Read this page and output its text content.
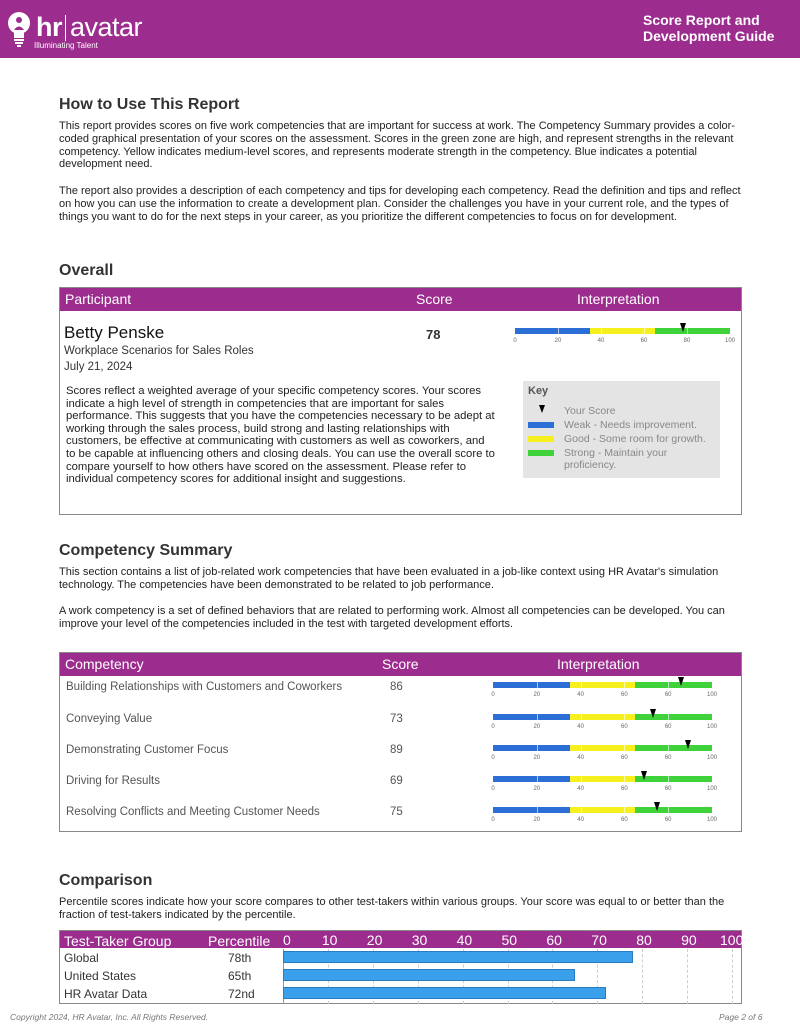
hr avatar
Illuminating Talent
Score Report and
Development Guide
How to Use This Report
This report provides scores on five work competencies that are important for success at work. The Competency Summary provides a color-coded graphical presentation of your scores on the assessment. Scores in the green zone are high, and represent strengths in the relevant competency. Yellow indicates medium-level scores, and represents moderate strength in the competency. Blue indicates a potential development need.
The report also provides a description of each competency and tips for developing each competency. Read the definition and tips and reflect on how you can use the information to create a development plan. Consider the challenges you have in your current role, and the types of things you want to do for the next steps in your career, as you prioritize the different competencies to focus on for development.
Overall
Participant	Score	Interpretation
Betty Penske
Workplace Scenarios for Sales Roles
July 21, 2024
78	0	20	40	60	80	100
Scores reflect a weighted average of your specific competency scores. Your scores indicate a high level of strength in competencies that are important for sales performance. This suggests that you have the competencies necessary to be adept at working through the sales process, build strong and lasting relationships with customers, be effective at communicating with customers as well as coworkers, and to be capable at influencing others and closing deals. You can use the overall score to compare yourself to how others have scored on the assessment. Please refer to individual competency scores for additional insight and suggestions.
Key
Your Score
Weak - Needs improvement.
Good - Some room for growth.
Strong - Maintain your proficiency.
Competency Summary
This section contains a list of job-related work competencies that have been evaluated in a job-like context using HR Avatar's simulation technology. The competencies have been demonstrated to be related to job performance.
A work competency is a set of defined behaviors that are related to performing work. Almost all competencies can be developed. You can improve your level of the competencies included in the test with targeted development efforts.
Competency	Score	Interpretation
Building Relationships with Customers and Coworkers	86
0	20	40	60	60	100
Conveying Value	73
0	20	40	60	60	100
Demonstrating Customer Focus	89
0	20	40	60	60	100
Driving for Results	69
0	20	40	60	60	100
Resolving Conflicts and Meeting Customer Needs	75
0	20	40	60	60	100
Comparison
Percentile scores indicate how your score compares to other test-takers within various groups. Your score was equal to or better than the fraction of test-takers indicated by the percentile.
Test-Taker Group	Percentile 0 10 20 30 40 50 60 70 80 90 100
Global	78th
United States	65th
HR Avatar Data	72nd
Copyright 2024, HR Avatar, Inc. All Rights Reserved.	Page 2 of 6
